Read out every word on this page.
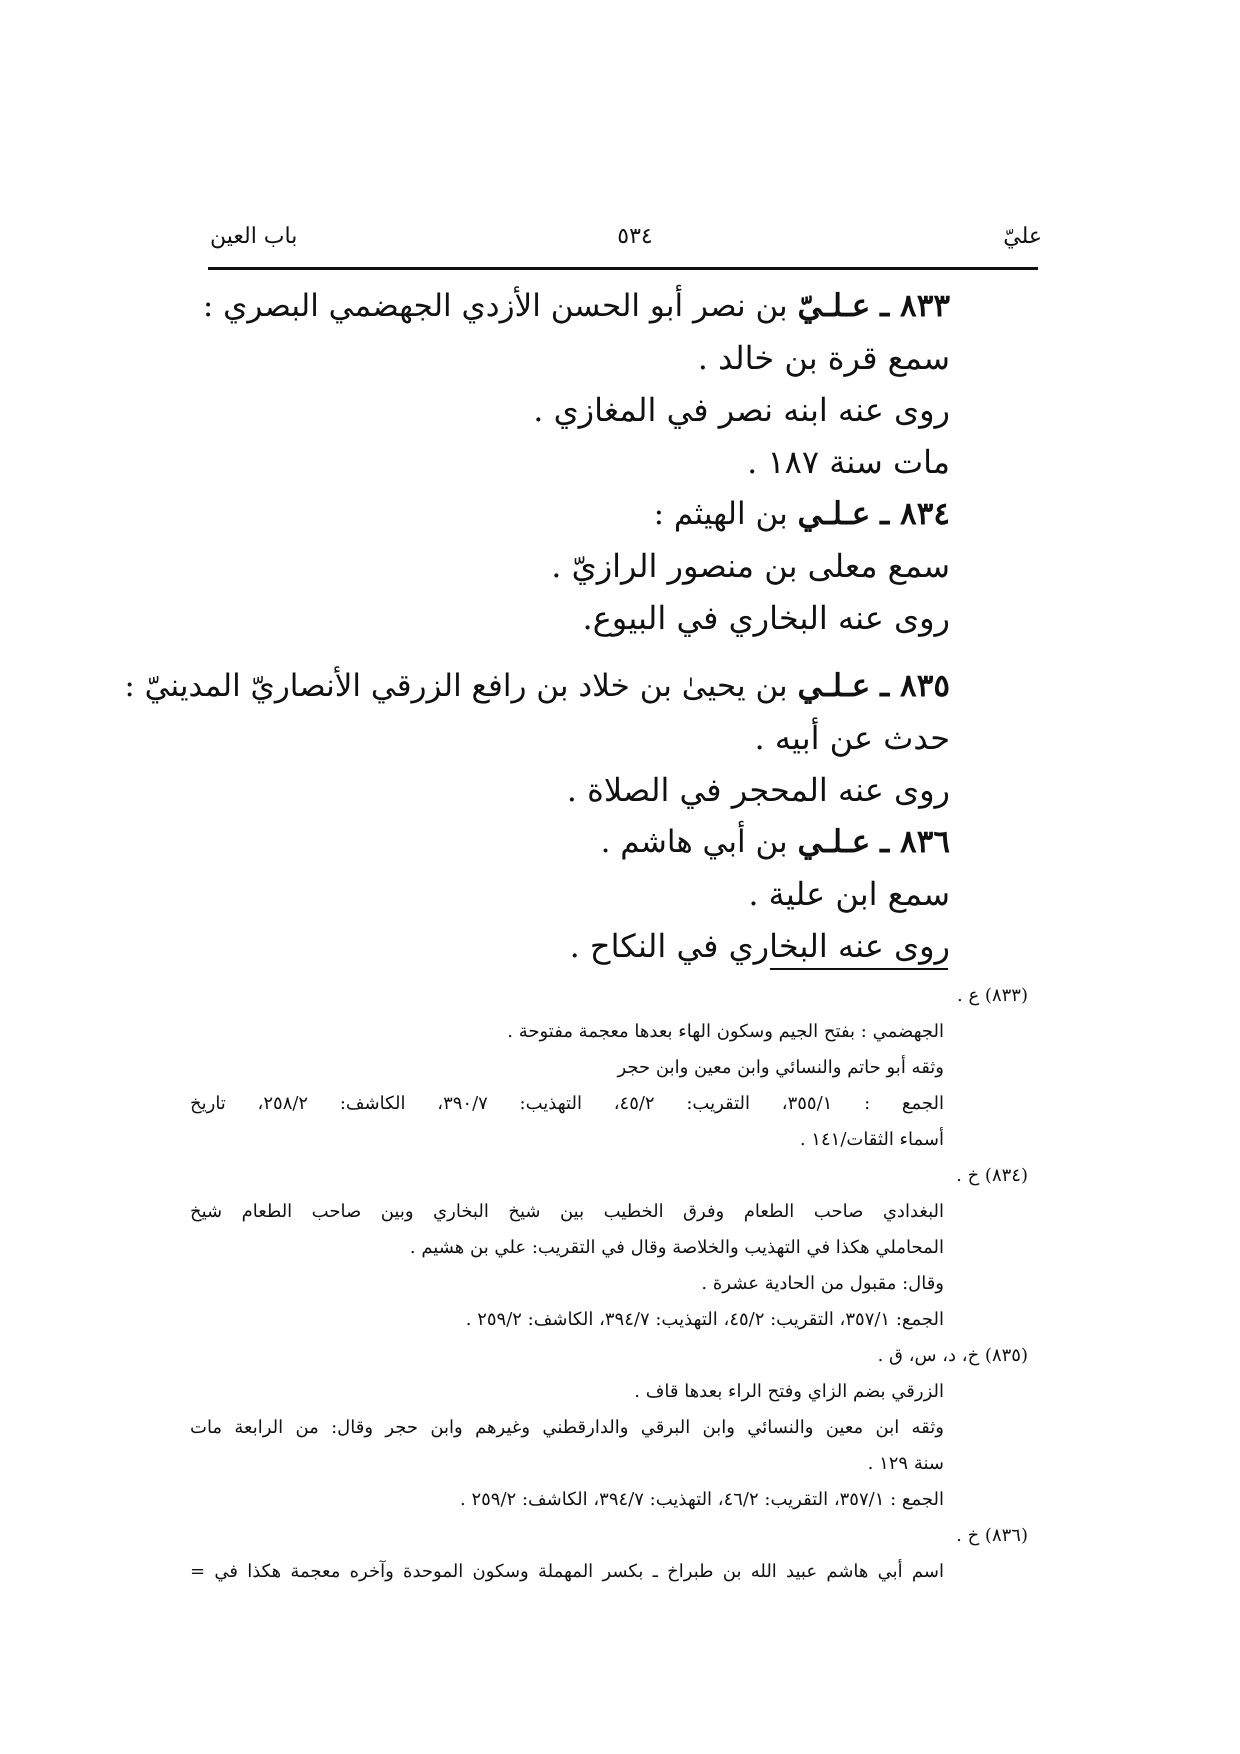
باب العين	٥٣٤	عليّ
٨٣٣ ـ عـلـيّ بن نصر أبو الحسن الأزدي الجهضمي البصري :
سمع قرة بن خالد .
روى عنه ابنه نصر في المغازي .
مات سنة ١٨٧ .
٨٣٤ ـ عـلـي بن الهيثم :
سمع معلى بن منصور الرازيّ .
روى عنه البخاري في البيوع.
٨٣٥ ـ عـلـي بن يحيىٰ بن خلاد بن رافع الزرقي الأنصاريّ المدينيّ :
حدث عن أبيه .
روى عنه المحجر في الصلاة .
٨٣٦ ـ عـلـي بن أبي هاشم .
سمع ابن علية .
روى عنه البخاري في النكاح .
(٨٣٣) ع .
الجهضمي : بفتح الجيم وسكون الهاء بعدها معجمة مفتوحة .
وثقه أبو حاتم والنسائي وابن معين وابن حجر
الجمع : ٣٥٥/١، التقريب: ٤٥/٢، التهذيب: ٣٩٠/٧، الكاشف: ٢٥٨/٢، تاريخ
أسماء الثقات/١٤١ .
(٨٣٤) خ .
البغدادي صاحب الطعام وفرق الخطيب بين شيخ البخاري وبين صاحب الطعام شيخ
المحاملي هكذا في التهذيب والخلاصة وقال في التقريب: علي بن هشيم .
وقال: مقبول من الحادية عشرة .
الجمع: ٣٥٧/١، التقريب: ٤٥/٢، التهذيب: ٣٩٤/٧، الكاشف: ٢٥٩/٢ .
(٨٣٥) خ، د، س، ق .
الزرقي بضم الزاي وفتح الراء بعدها قاف .
وثقه ابن معين والنسائي وابن البرقي والدارقطني وغيرهم وابن حجر وقال: من الرابعة مات
سنة ١٢٩ .
الجمع : ٣٥٧/١، التقريب: ٤٦/٢، التهذيب: ٣٩٤/٧، الكاشف: ٢٥٩/٢ .
(٨٣٦) خ .
اسم أبي هاشم عبيد الله بن طبراخ ـ بكسر المهملة وسكون الموحدة وآخره معجمة هكذا في =
